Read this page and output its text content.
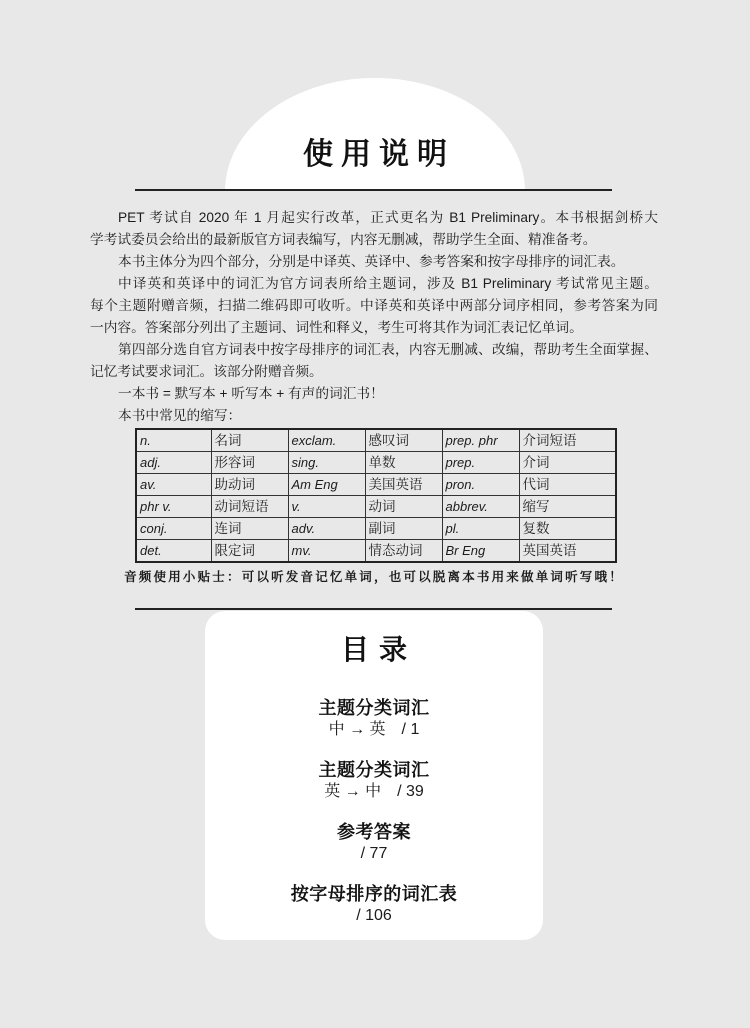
使用说明
PET 考试自 2020 年 1 月起实行改革，正式更名为 B1 Preliminary。本书根据剑桥大
学考试委员会给出的最新版官方词表编写，内容无删减，帮助学生全面、精准备考。
本书主体分为四个部分，分别是中译英、英译中、参考答案和按字母排序的词汇表。
中译英和英译中的词汇为官方词表所给主题词，涉及 B1 Preliminary 考试常见主题。
每个主题附赠音频，扫描二维码即可收听。中译英和英译中两部分词序相同，参考答案为同
一内容。答案部分列出了主题词、词性和释义，考生可将其作为词汇表记忆单词。
第四部分选自官方词表中按字母排序的词汇表，内容无删减、改编，帮助考生全面掌握、
记忆考试要求词汇。该部分附赠音频。
一本书 = 默写本 + 听写本 + 有声的词汇书！
本书中常见的缩写：
n.	名词	exclam.	感叹词	prep. phr	介词短语
adj.	形容词	sing.	单数	prep.	介词
av.	助动词	Am Eng	美国英语	pron.	代词
phr v.	动词短语	v.	动词	abbrev.	缩写
conj.	连词	adv.	副词	pl.	复数
det.	限定词	mv.	情态动词	Br Eng	英国英语
音频使用小贴士：可以听发音记忆单词，也可以脱离本书用来做单词听写哦！
目录
主题分类词汇
中 → 英 / 1
主题分类词汇
英 → 中 / 39
参考答案
/ 77
按字母排序的词汇表
/ 106
